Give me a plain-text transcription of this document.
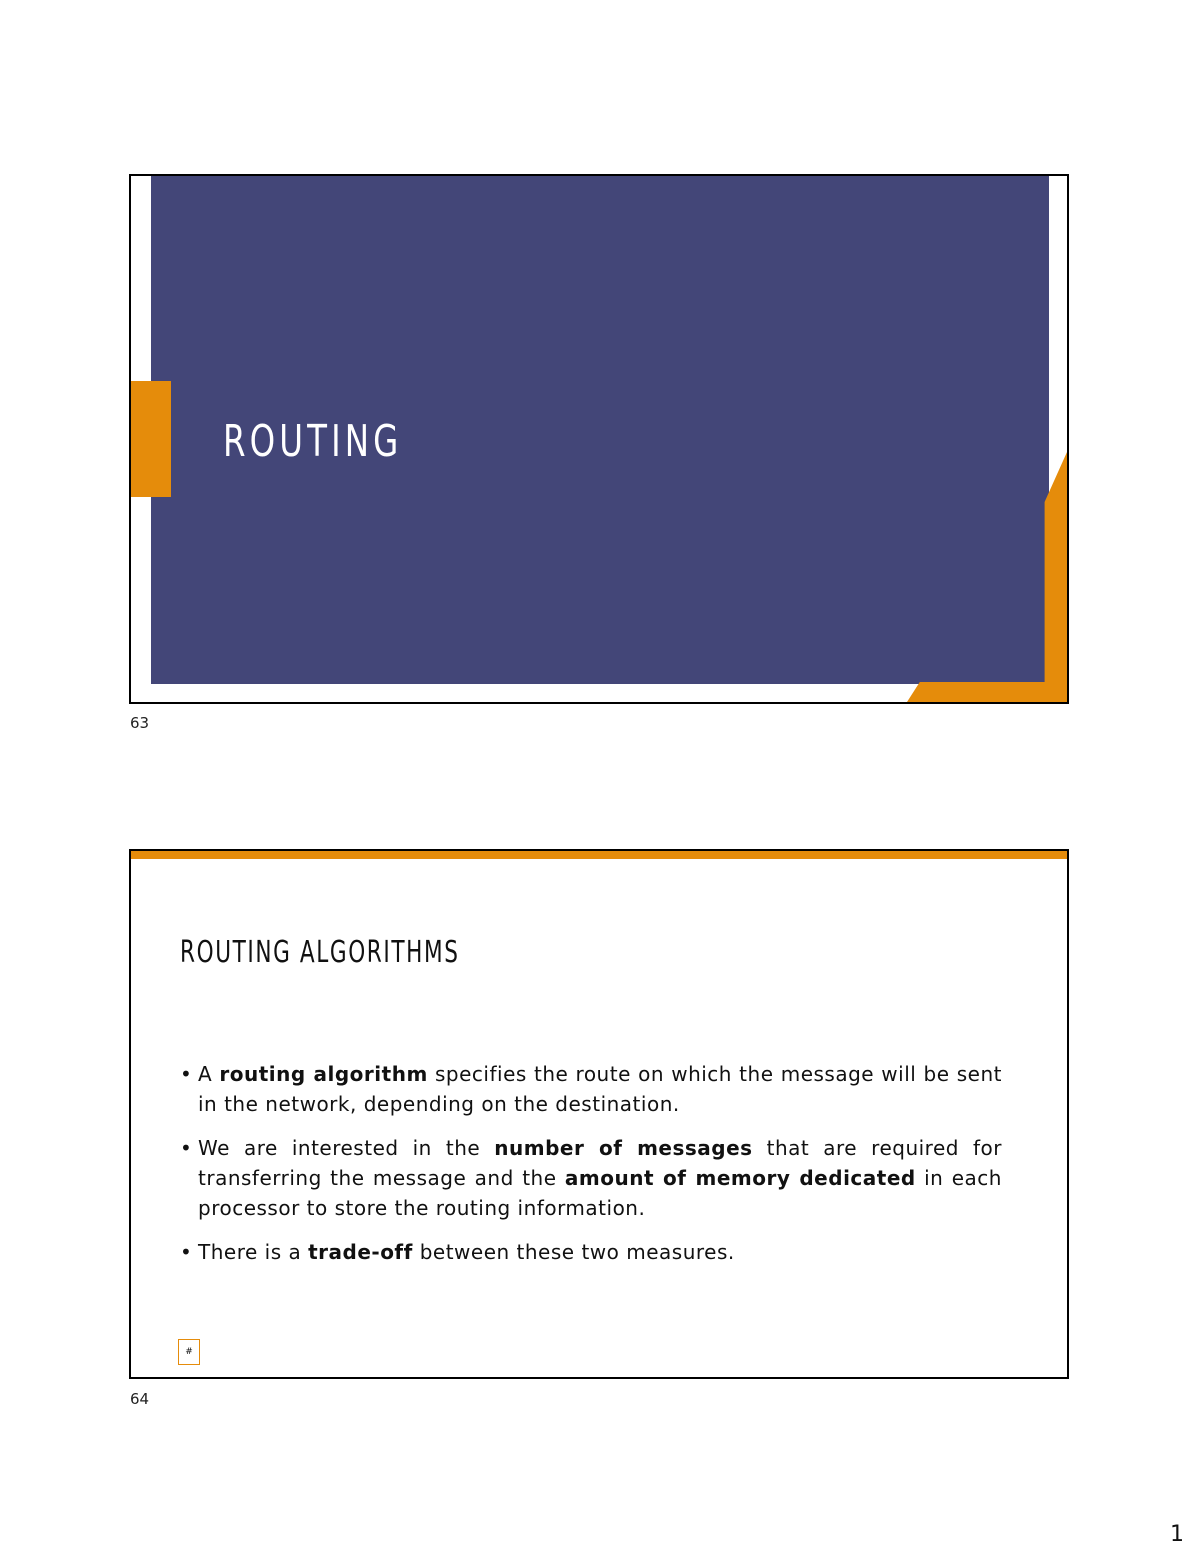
ROUTING
63
ROUTING ALGORITHMS
• A routing algorithm specifies the route on which the message will be sent in the network, depending on the destination.
• We are interested in the number of messages that are required for transferring the message and the amount of memory dedicated in each processor to store the routing information.
• There is a trade-off between these two measures.
#
64
1
